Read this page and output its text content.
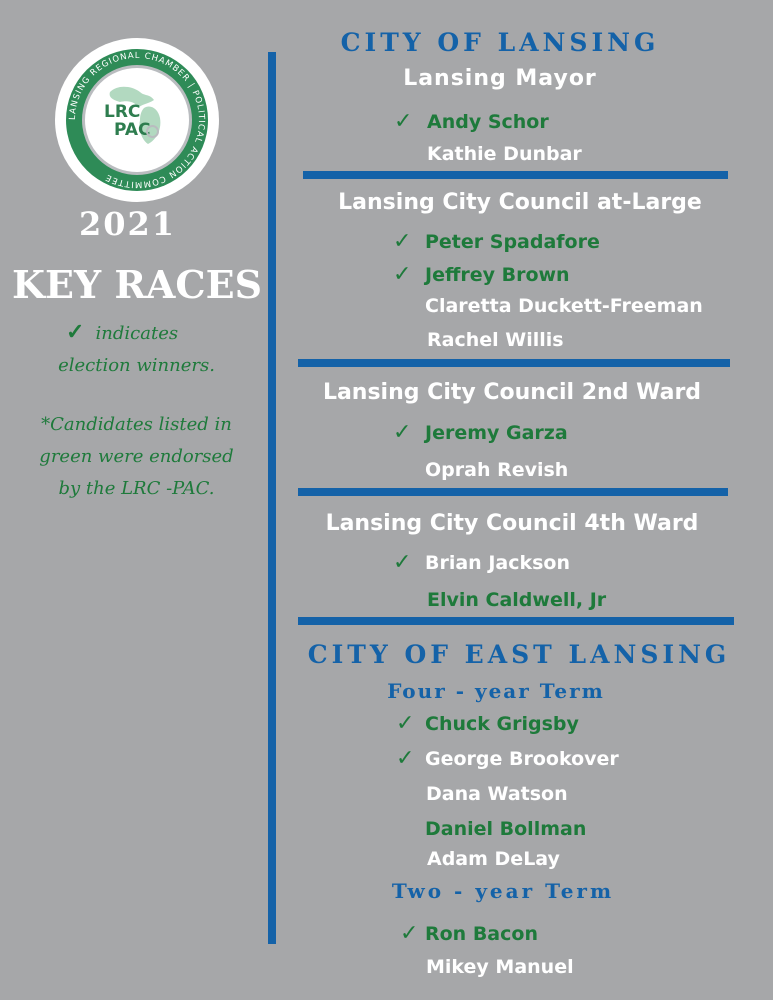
LANSING REGIONAL CHAMBER | POLITICAL ACTION COMMITTEE
LRC
PAC
2021
KEY RACES
✓ indicates
election winners.
*Candidates listed in
green were endorsed
by the LRC -PAC.
CITY OF LANSING
Lansing Mayor
✓ Andy Schor
Kathie Dunbar
Lansing City Council at-Large
✓ Peter Spadafore
✓ Jeffrey Brown
Claretta Duckett-Freeman
Rachel Willis
Lansing City Council 2nd Ward
✓ Jeremy Garza
Oprah Revish
Lansing City Council 4th Ward
✓ Brian Jackson
Elvin Caldwell, Jr
CITY OF EAST LANSING
Four - year Term
✓ Chuck Grigsby
✓ George Brookover
Dana Watson
Daniel Bollman
Adam DeLay
Two - year Term
✓ Ron Bacon
Mikey Manuel
